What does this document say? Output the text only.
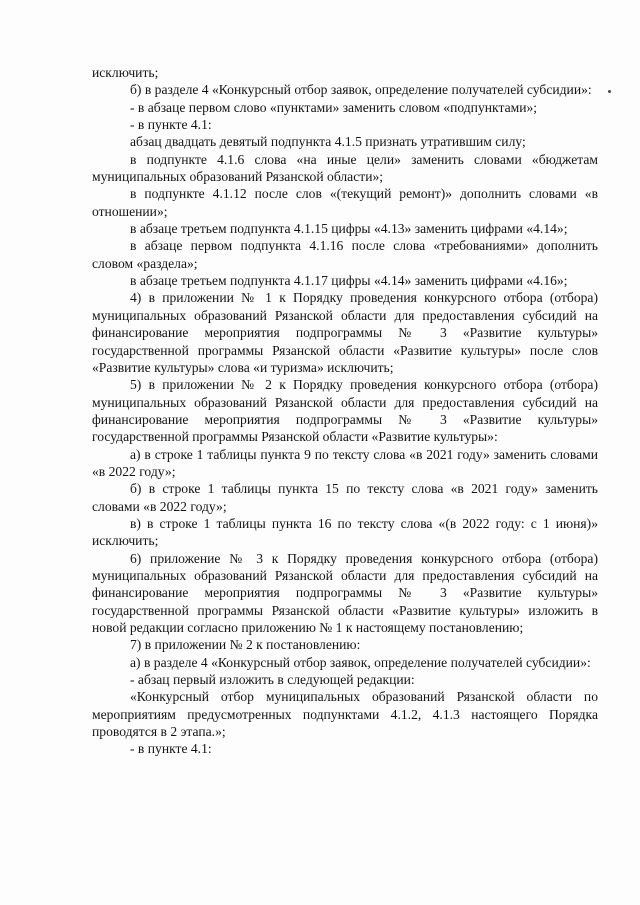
исключить;

б) в разделе 4 «Конкурсный отбор заявок, определение получателей субсидии»:

- в абзаце первом слово «пунктами» заменить словом «подпунктами»;

- в пункте 4.1:

абзац двадцать девятый подпункта 4.1.5 признать утратившим силу;

в подпункте 4.1.6 слова «на иные цели» заменить словами «бюджетам муниципальных образований Рязанской области»;

в подпункте 4.1.12 после слов «(текущий ремонт)» дополнить словами «в отношении»;

в абзаце третьем подпункта 4.1.15 цифры «4.13» заменить цифрами «4.14»;

в абзаце первом подпункта 4.1.16 после слова «требованиями» дополнить словом «раздела»;

в абзаце третьем подпункта 4.1.17 цифры «4.14» заменить цифрами «4.16»;

4) в приложении № 1 к Порядку проведения конкурсного отбора (отбора) муниципальных образований Рязанской области для предоставления субсидий на финансирование мероприятия подпрограммы № 3 «Развитие культуры» государственной программы Рязанской области «Развитие культуры» после слов «Развитие культуры» слова «и туризма» исключить;

5) в приложении № 2 к Порядку проведения конкурсного отбора (отбора) муниципальных образований Рязанской области для предоставления субсидий на финансирование мероприятия подпрограммы № 3 «Развитие культуры» государственной программы Рязанской области «Развитие культуры»:

а) в строке 1 таблицы пункта 9 по тексту слова «в 2021 году» заменить словами «в 2022 году»;

б) в строке 1 таблицы пункта 15 по тексту слова «в 2021 году» заменить словами «в 2022 году»;

в) в строке 1 таблицы пункта 16 по тексту слова «(в 2022 году: с 1 июня)» исключить;

6) приложение № 3 к Порядку проведения конкурсного отбора (отбора) муниципальных образований Рязанской области для предоставления субсидий на финансирование мероприятия подпрограммы № 3 «Развитие культуры» государственной программы Рязанской области «Развитие культуры» изложить в новой редакции согласно приложению № 1 к настоящему постановлению;

7) в приложении № 2 к постановлению:

а) в разделе 4 «Конкурсный отбор заявок, определение получателей субсидии»:

- абзац первый изложить в следующей редакции:

«Конкурсный отбор муниципальных образований Рязанской области по мероприятиям предусмотренных подпунктами 4.1.2, 4.1.3 настоящего Порядка проводятся в 2 этапа.»;

- в пункте 4.1:
